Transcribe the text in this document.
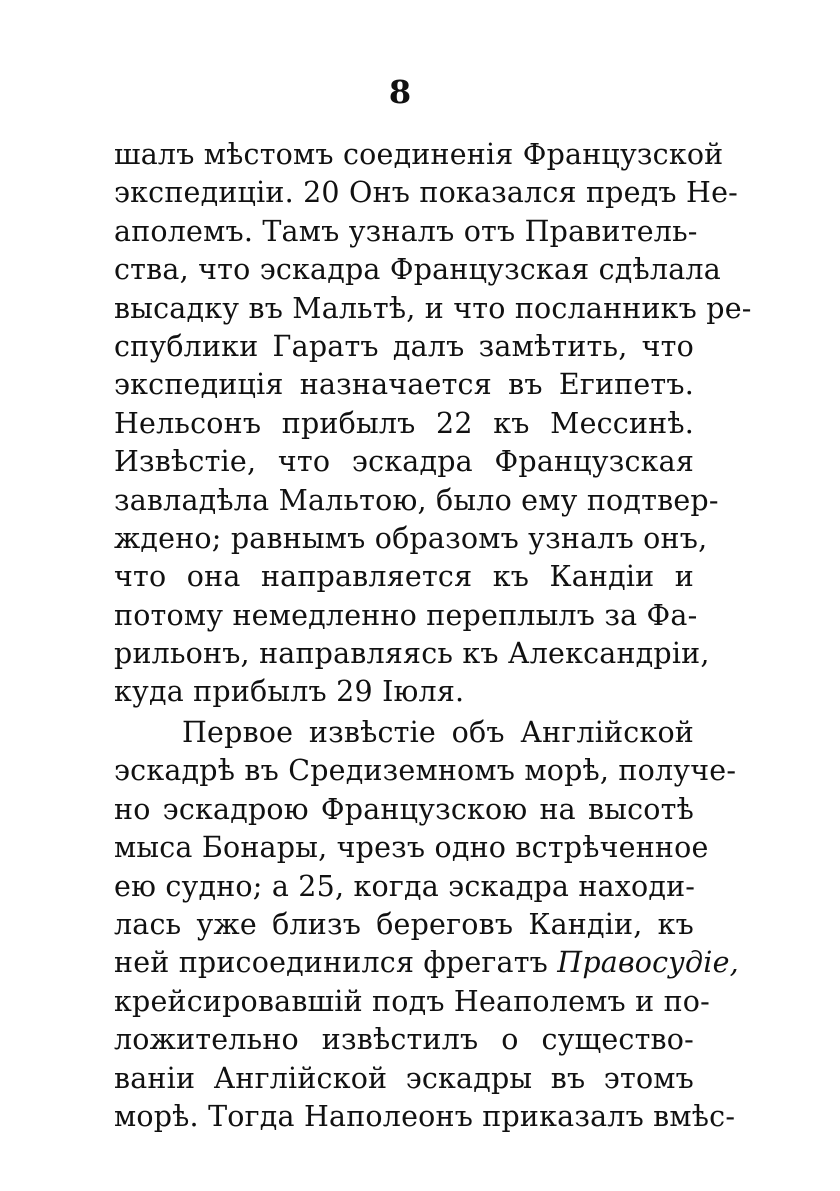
8
шалъ мѣстомъ соединенія Французской
экспедиціи. 20 Онъ показался предъ Не-
аполемъ. Тамъ узналъ отъ Правитель-
ства, что эскадра Французская сдѣлала
высадку въ Мальтѣ, и что посланникъ ре-
спублики Гаратъ далъ замѣтить, что
экспедиція назначается въ Египетъ.
Нельсонъ прибылъ 22 къ Мессинѣ.
Извѣстіе, что эскадра Французская
завладѣла Мальтою, было ему подтвер-
ждено; равнымъ образомъ узналъ онъ,
что она направляется къ Кандіи и
потому немедленно переплылъ за Фа-
рильонъ, направляясь къ Александріи,
куда прибылъ 29 Іюля.
Первое извѣстіе объ Англійской
эскадрѣ въ Средиземномъ морѣ, получе-
но эскадрою Французскою на высотѣ
мыса Бонары, чрезъ одно встрѣченное
ею судно; а 25, когда эскадра находи-
лась уже близъ береговъ Кандіи, къ
ней присоединился фрегатъ Правосудіе,
крейсировавшій подъ Неаполемъ и по-
ложительно извѣстилъ о существо-
ваніи Англійской эскадры въ этомъ
морѣ. Тогда Наполеонъ приказалъ вмѣс-
